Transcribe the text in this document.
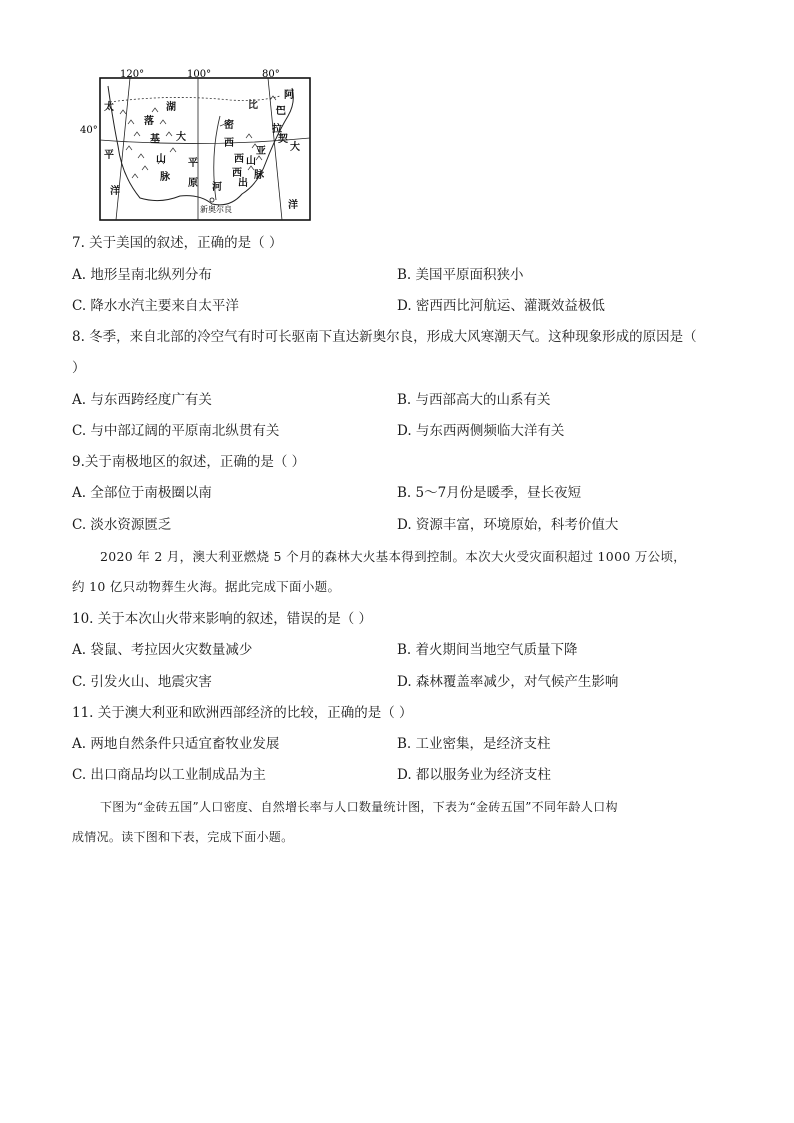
120°	100°	80°
40°
太
平
洋
大
西
洋
落
基
山
脉
大
平
原
密
西
西
比
河
阿
巴
拉
契
亚
山
脉
出
湖
新奥尔良
7. 关于美国的叙述，正确的是（ ）
A. 地形呈南北纵列分布	B. 美国平原面积狭小
C. 降水水汽主要来自太平洋	D. 密西西比河航运、灌溉效益极低
8. 冬季，来自北部的冷空气有时可长驱南下直达新奥尔良，形成大风寒潮天气。这种现象形成的原因是（
）
A. 与东西跨经度广有关	B. 与西部高大的山系有关
C. 与中部辽阔的平原南北纵贯有关	D. 与东西两侧频临大洋有关
9.关于南极地区的叙述，正确的是（ ）
A. 全部位于南极圈以南	B. 5～7月份是暖季，昼长夜短
C. 淡水资源匮乏	D. 资源丰富，环境原始，科考价值大
2020 年 2 月，澳大利亚燃烧 5 个月的森林大火基本得到控制。本次大火受灾面积超过 1000 万公顷，
约 10 亿只动物葬生火海。据此完成下面小题。
10. 关于本次山火带来影响的叙述，错误的是（ ）
A. 袋鼠、考拉因火灾数量减少	B. 着火期间当地空气质量下降
C. 引发火山、地震灾害	D. 森林覆盖率减少，对气候产生影响
11. 关于澳大利亚和欧洲西部经济的比较，正确的是（ ）
A. 两地自然条件只适宜畜牧业发展	B. 工业密集，是经济支柱
C. 出口商品均以工业制成品为主	D. 都以服务业为经济支柱
下图为“金砖五国”人口密度、自然增长率与人口数量统计图，下表为“金砖五国”不同年龄人口构
成情况。读下图和下表，完成下面小题。
